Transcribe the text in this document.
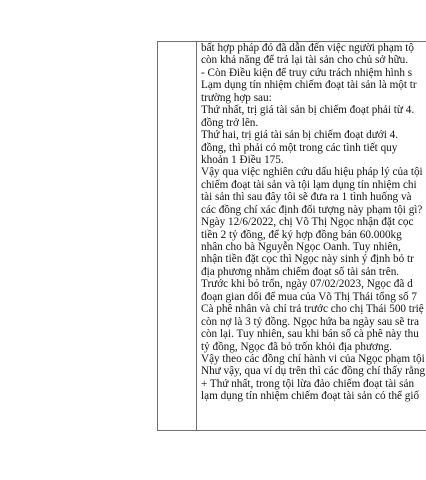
bất hợp pháp đó đã dẫn đến việc người phạm tộ
còn khả năng để trả lại tài sản cho chủ sở hữu.
- Còn Điều kiện để truy cứu trách nhiệm hình s
Lạm dụng tín nhiệm chiếm đoạt tài sản là một tr
trường hợp sau:
Thứ nhất, trị giá tài sản bị chiếm đoạt phải từ 4.
đồng trở lên.
Thứ hai, trị giá tài sản bị chiếm đoạt dưới 4.
đồng, thì phải có một trong các tình tiết quy
khoản 1 Điều 175.
Vậy qua việc nghiên cứu dấu hiệu pháp lý của tội
chiếm đoạt tài sản và tội lạm dụng tín nhiệm chi
tài sản thì sau đây tôi sẽ đưa ra 1 tình huống và
các đồng chí xác định đối tượng này phạm tội gì?
Ngày 12/6/2022, chị Võ Thị Ngọc nhận đặt cọc
tiền 2 tỷ đồng, để ký hợp đồng bán 60.000kg
nhân cho bà Nguyễn Ngọc Oanh. Tuy nhiên,
nhận tiền đặt cọc thì Ngọc này sinh ý định bỏ tr
địa phương nhằm chiếm đoạt số tài sản trên.
Trước khi bỏ trốn, ngày 07/02/2023, Ngọc đã d
đoạn gian dối để mua của Võ Thị Thái tổng số 7
Cà phê nhân và chỉ trả trước cho chị Thái 500 triệ
còn nợ là 3 tỷ đồng. Ngọc hứa ba ngày sau sẽ tra
còn lại. Tuy nhiên, sau khi bán số cà phê này thu
tỷ đồng, Ngọc đã bỏ trốn khỏi địa phương.
Vậy theo các đồng chí hành vi của Ngọc phạm tội
Như vậy, qua ví dụ trên thì các đồng chí thấy rằng
+ Thứ nhất, trong tội lừa đảo chiếm đoạt tài sản
lạm dụng tín nhiệm chiếm đoạt tài sản có thể giố
